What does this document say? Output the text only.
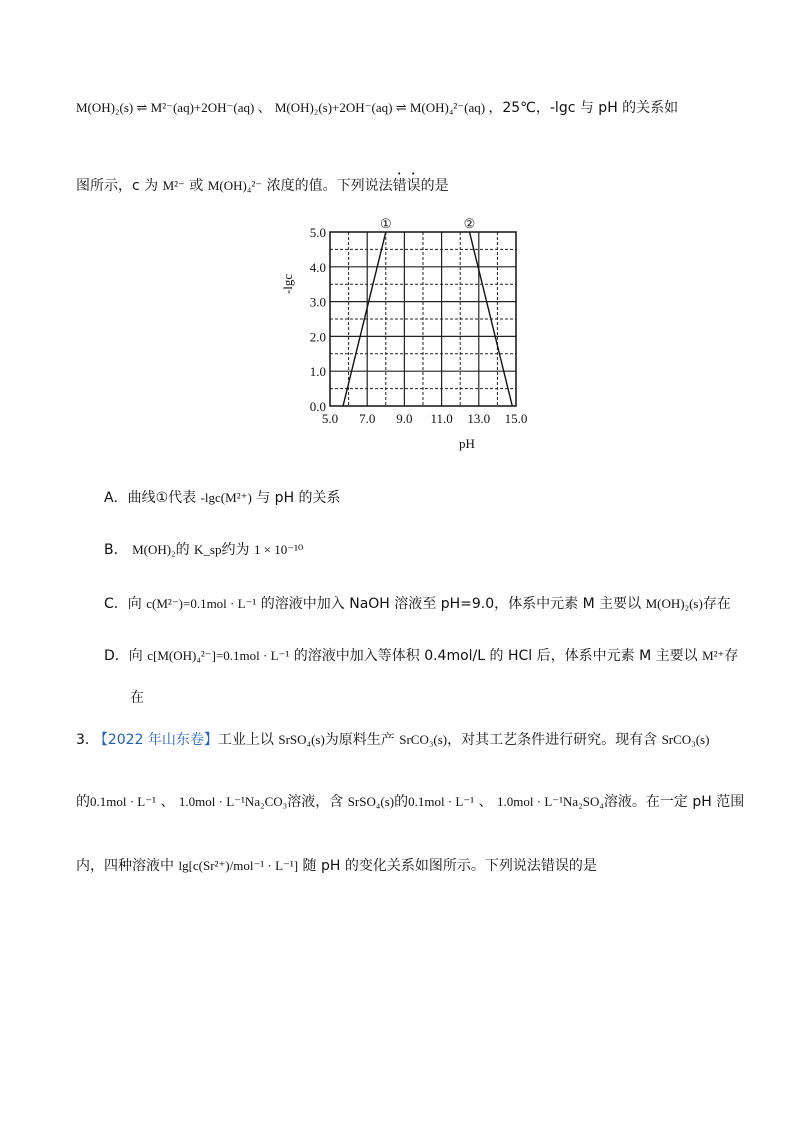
M(OH)₂(s) ⇌ M²⁻(aq)+2OH⁻(aq) 、 M(OH)₂(s)+2OH⁻(aq) ⇌ M(OH)₄²⁻(aq) ，25℃，-lgc 与 pH 的关系如
图所示，c 为 M²⁻ 或 M(OH)₄²⁻ 浓度的值。下列说法错误的是
①	②
5.0 7.0 9.0 11.0 13.0 15.0
0.0
1.0
2.0
3.0
4.0
5.0
-lgc
pH
A．曲线①代表 -lgc(M²⁺) 与 pH 的关系
B． M(OH)₂的 K_sp约为 1 × 10⁻¹⁰
C．向 c(M²⁻)=0.1mol · L⁻¹ 的溶液中加入 NaOH 溶液至 pH=9.0，体系中元素 M 主要以 M(OH)₂(s)存在
D．向 c[M(OH)₄²⁻]=0.1mol · L⁻¹ 的溶液中加入等体积 0.4mol/L 的 HCl 后，体系中元素 M 主要以 M²⁺存
在
3. 【2022 年山东卷】工业上以 SrSO₄(s)为原料生产 SrCO₃(s)，对其工艺条件进行研究。现有含 SrCO₃(s)
的0.1mol · L⁻¹ 、 1.0mol · L⁻¹Na₂CO₃溶液，含 SrSO₄(s)的0.1mol · L⁻¹ 、 1.0mol · L⁻¹Na₂SO₄溶液。在一定 pH 范围
内，四种溶液中 lg[c(Sr²⁺)/mol⁻¹ · L⁻¹] 随 pH 的变化关系如图所示。下列说法错误的是
